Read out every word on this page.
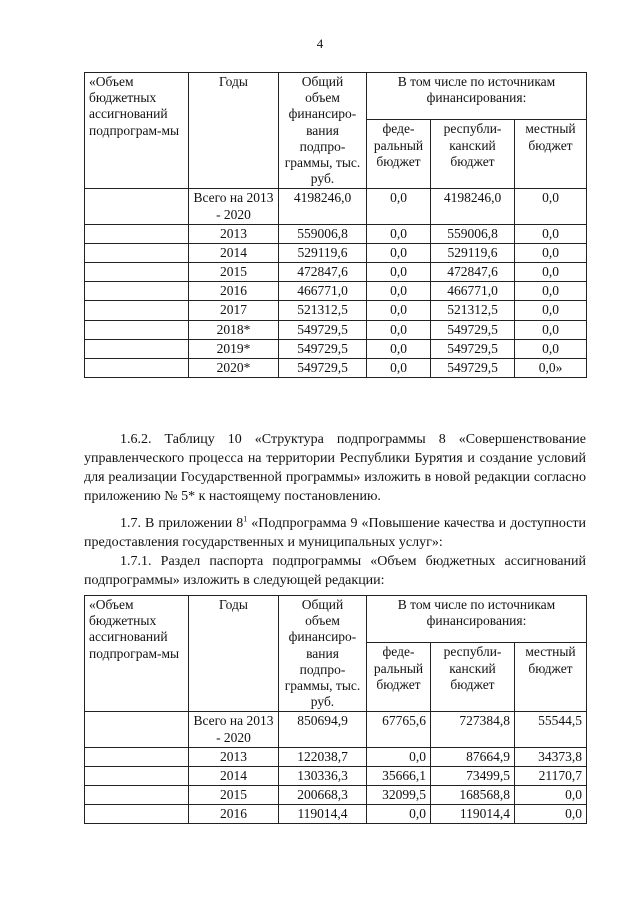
4
«Объем бюджетных ассигнований подпрограм-мы	Годы	Общий объем финансиро-вания подпро-граммы, тыс. руб.	В том числе по источникам финансирования:		
			феде-ральный бюджет	республи-канский бюджет	местный бюджет
	Всего на 2013 - 2020	4198246,0	0,0	4198246,0	0,0
	2013	559006,8	0,0	559006,8	0,0
	2014	529119,6	0,0	529119,6	0,0
	2015	472847,6	0,0	472847,6	0,0
	2016	466771,0	0,0	466771,0	0,0
	2017	521312,5	0,0	521312,5	0,0
	2018*	549729,5	0,0	549729,5	0,0
	2019*	549729,5	0,0	549729,5	0,0
	2020*	549729,5	0,0	549729,5	0,0»

1.6.2. Таблицу 10 «Структура подпрограммы 8 «Совершенствование управленческого процесса на территории Республики Бурятия и создание условий для реализации Государственной программы» изложить в новой редакции согласно приложению № 5* к настоящему постановлению.

1.7. В приложении $8^1$ «Подпрограмма 9 «Повышение качества и доступности предоставления государственных и муниципальных услуг»:

1.7.1. Раздел паспорта подпрограммы «Объем бюджетных ассигнований подпрограммы» изложить в следующей редакции:

«Объем бюджетных ассигнований подпрограм-мы	Годы	Общий объем финансиро-вания подпро-граммы, тыс. руб.	В том числе по источникам финансирования:		
			феде-ральный бюджет	республи-канский бюджет	местный бюджет
	Всего на 2013 - 2020	850694,9	67765,6	727384,8	55544,5
	2013	122038,7	0,0	87664,9	34373,8
	2014	130336,3	35666,1	73499,5	21170,7
	2015	200668,3	32099,5	168568,8	0,0
	2016	119014,4	0,0	119014,4	0,0
